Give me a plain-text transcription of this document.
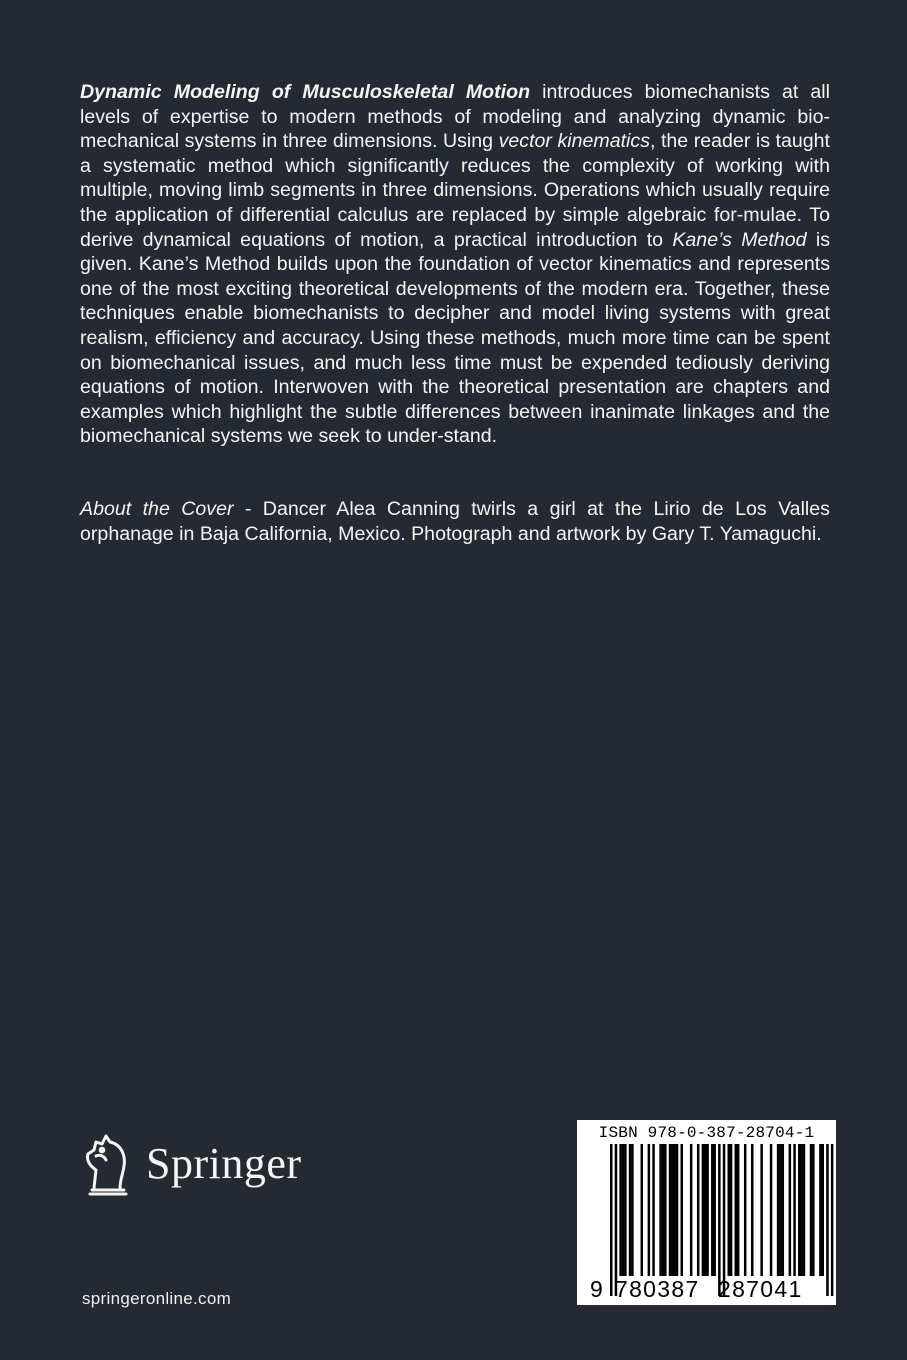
Dynamic Modeling of Musculoskeletal Motion introduces biomechanists at all levels of expertise to modern methods of modeling and analyzing dynamic bio-mechanical systems in three dimensions. Using vector kinematics, the reader is taught a systematic method which significantly reduces the complexity of working with multiple, moving limb segments in three dimensions. Operations which usually require the application of differential calculus are replaced by simple algebraic for-mulae. To derive dynamical equations of motion, a practical introduction to Kane’s Method is given. Kane’s Method builds upon the foundation of vector kinematics and represents one of the most exciting theoretical developments of the modern era. Together, these techniques enable biomechanists to decipher and model living systems with great realism, efficiency and accuracy. Using these methods, much more time can be spent on biomechanical issues, and much less time must be expended tediously deriving equations of motion. Interwoven with the theoretical presentation are chapters and examples which highlight the subtle differences between inanimate linkages and the biomechanical systems we seek to under-stand.

About the Cover - Dancer Alea Canning twirls a girl at the Lirio de Los Valles orphanage in Baja California, Mexico. Photograph and artwork by Gary T. Yamaguchi.

Springer
springeronline.com
ISBN 978-0-387-28704-1
9 780387 287041
